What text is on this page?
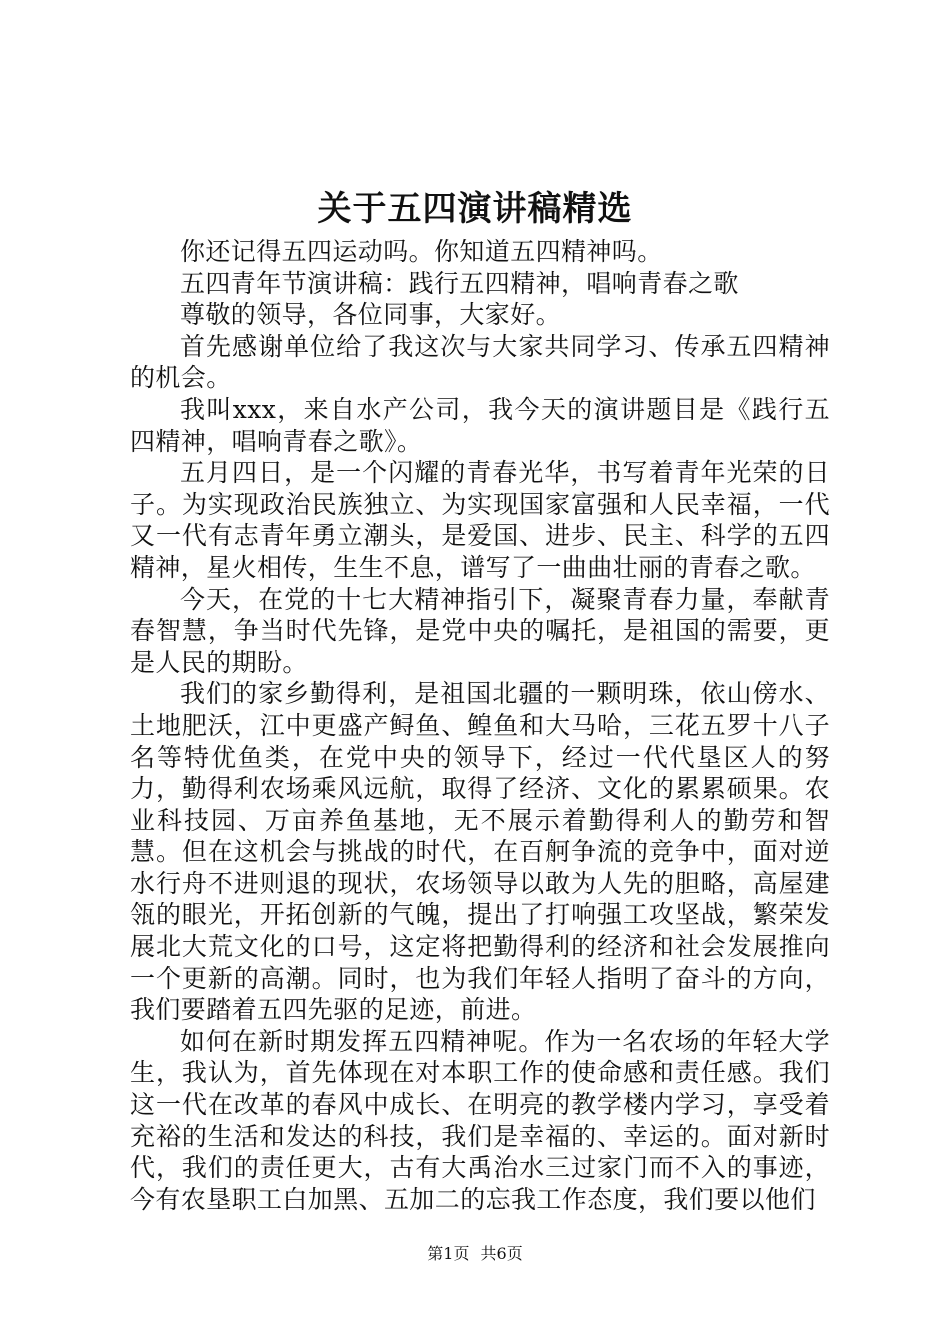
关于五四演讲稿精选

你还记得五四运动吗。你知道五四精神吗。

五四青年节演讲稿：践行五四精神，唱响青春之歌

尊敬的领导，各位同事，大家好。

首先感谢单位给了我这次与大家共同学习、传承五四精神的机会。

我叫xxx，来自水产公司，我今天的演讲题目是《践行五四精神，唱响青春之歌》。

五月四日，是一个闪耀的青春光华，书写着青年光荣的日子。为实现政治民族独立、为实现国家富强和人民幸福，一代又一代有志青年勇立潮头，是爱国、进步、民主、科学的五四精神，星火相传，生生不息，谱写了一曲曲壮丽的青春之歌。

今天，在党的十七大精神指引下，凝聚青春力量，奉献青春智慧，争当时代先锋，是党中央的嘱托，是祖国的需要，更是人民的期盼。

我们的家乡勤得利，是祖国北疆的一颗明珠，依山傍水、土地肥沃，江中更盛产鲟鱼、鳇鱼和大马哈，三花五罗十八子名等特优鱼类，在党中央的领导下，经过一代代垦区人的努力，勤得利农场乘风远航，取得了经济、文化的累累硕果。农业科技园、万亩养鱼基地，无不展示着勤得利人的勤劳和智慧。但在这机会与挑战的时代，在百舸争流的竞争中，面对逆水行舟不进则退的现状，农场领导以敢为人先的胆略，高屋建瓴的眼光，开拓创新的气魄，提出了打响强工攻坚战，繁荣发展北大荒文化的口号，这定将把勤得利的经济和社会发展推向一个更新的高潮。同时，也为我们年轻人指明了奋斗的方向，我们要踏着五四先驱的足迹，前进。

如何在新时期发挥五四精神呢。作为一名农场的年轻大学生，我认为，首先体现在对本职工作的使命感和责任感。我们这一代在改革的春风中成长、在明亮的教学楼内学习，享受着充裕的生活和发达的科技，我们是幸福的、幸运的。面对新时代，我们的责任更大，古有大禹治水三过家门而不入的事迹，今有农垦职工白加黑、五加二的忘我工作态度，我们要以他们

第1页 共6页
